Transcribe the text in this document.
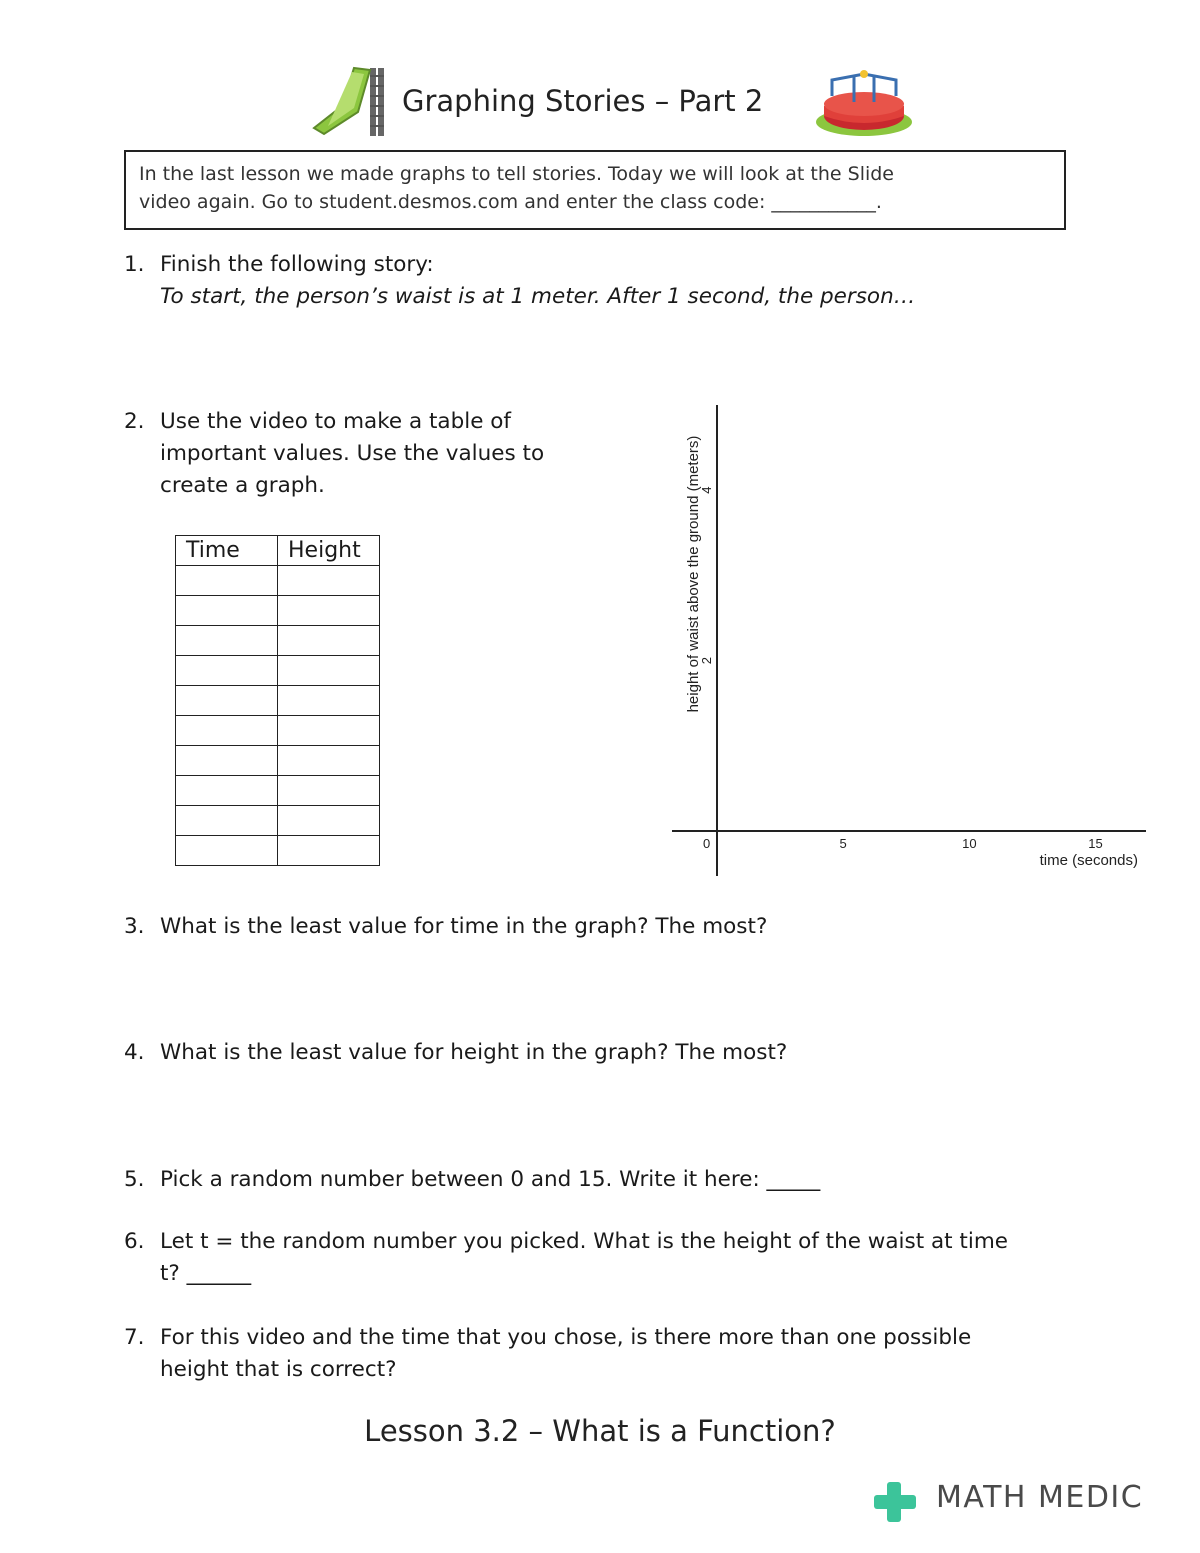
Graphing Stories – Part 2
In the last lesson we made graphs to tell stories. Today we will look at the Slide
video again. Go to student.desmos.com and enter the class code: ___________.
1. Finish the following story:
To start, the person’s waist is at 1 meter. After 1 second, the person…
2. Use the video to make a table of
important values. Use the values to
create a graph.
Time	Height

0	5	10	15
2
4
time (seconds)
height of waist above the ground (meters)
3. What is the least value for time in the graph? The most?
4. What is the least value for height in the graph? The most?
5. Pick a random number between 0 and 15. Write it here: _____
6. Let t = the random number you picked. What is the height of the waist at time
t? ______
7. For this video and the time that you chose, is there more than one possible
height that is correct?
Lesson 3.2 – What is a Function?
MATH MEDIC
